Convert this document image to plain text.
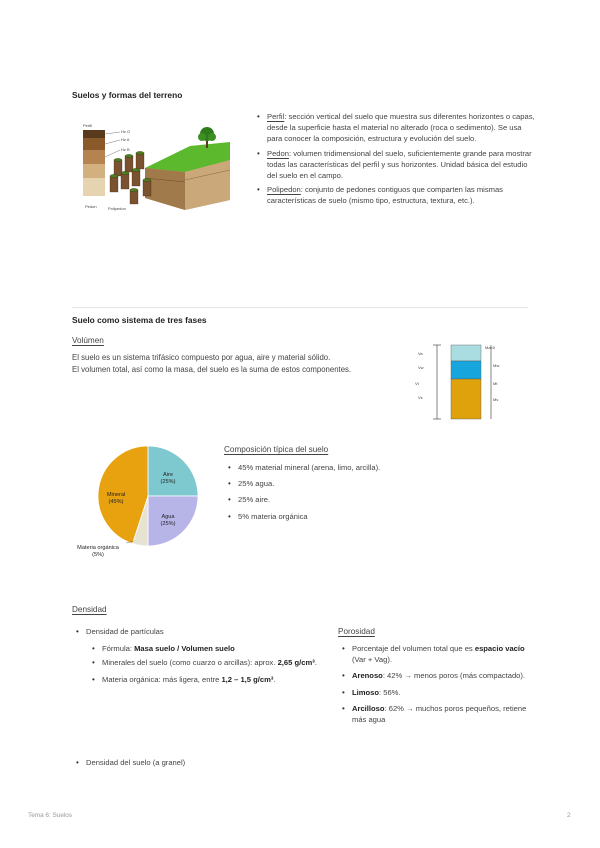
Suelos y formas del terreno
Perfil
Hz O
Hz A
Hz B
Pedon	Polipedon
• Perfil: sección vertical del suelo que muestra sus diferentes horizontes o capas, desde la superficie hasta el material no alterado (roca o sedimento). Se usa para conocer la composición, estructura y evolución del suelo.
• Pedon: volumen tridimensional del suelo, suficientemente grande para mostrar todas las características del perfil y sus horizontes. Unidad básica del estudio del suelo en el campo.
• Polipedon: conjunto de pedones contiguos que comparten las mismas características de suelo (mismo tipo, estructura, textura, etc.).
Suelo como sistema de tres fases
Volúmen
El suelo es un sistema trifásico compuesto por agua, aire y material sólido.
El volumen total, así como la masa, del suelo es la suma de estos componentes.
Va
Vw
Vt
Vs
Ma≈0
Mw
Mt
Ms
Aire
(25%)
Agua
(25%)
Materia orgánica
(5%)
Mineral
(45%)
Composición típica del suelo
• 45% material mineral (arena, limo, arcilla).
• 25% agua.
• 25% aire.
• 5% materia orgánica
Densidad
• Densidad de partículas
• Fórmula: Masa suelo / Volumen suelo
• Minerales del suelo (como cuarzo o arcillas): aprox. 2,65 g/cm³.
• Materia orgánica: más ligera, entre 1,2 – 1,5 g/cm³.
• Densidad del suelo (a granel)
Porosidad
• Porcentaje del volumen total que es espacio vacío (Var + Vag).
• Arenoso: 42% → menos poros (más compactado).
• Limoso: 56%.
• Arcilloso: 62% → muchos poros pequeños, retiene más agua
Tema 6: Suelos	2
